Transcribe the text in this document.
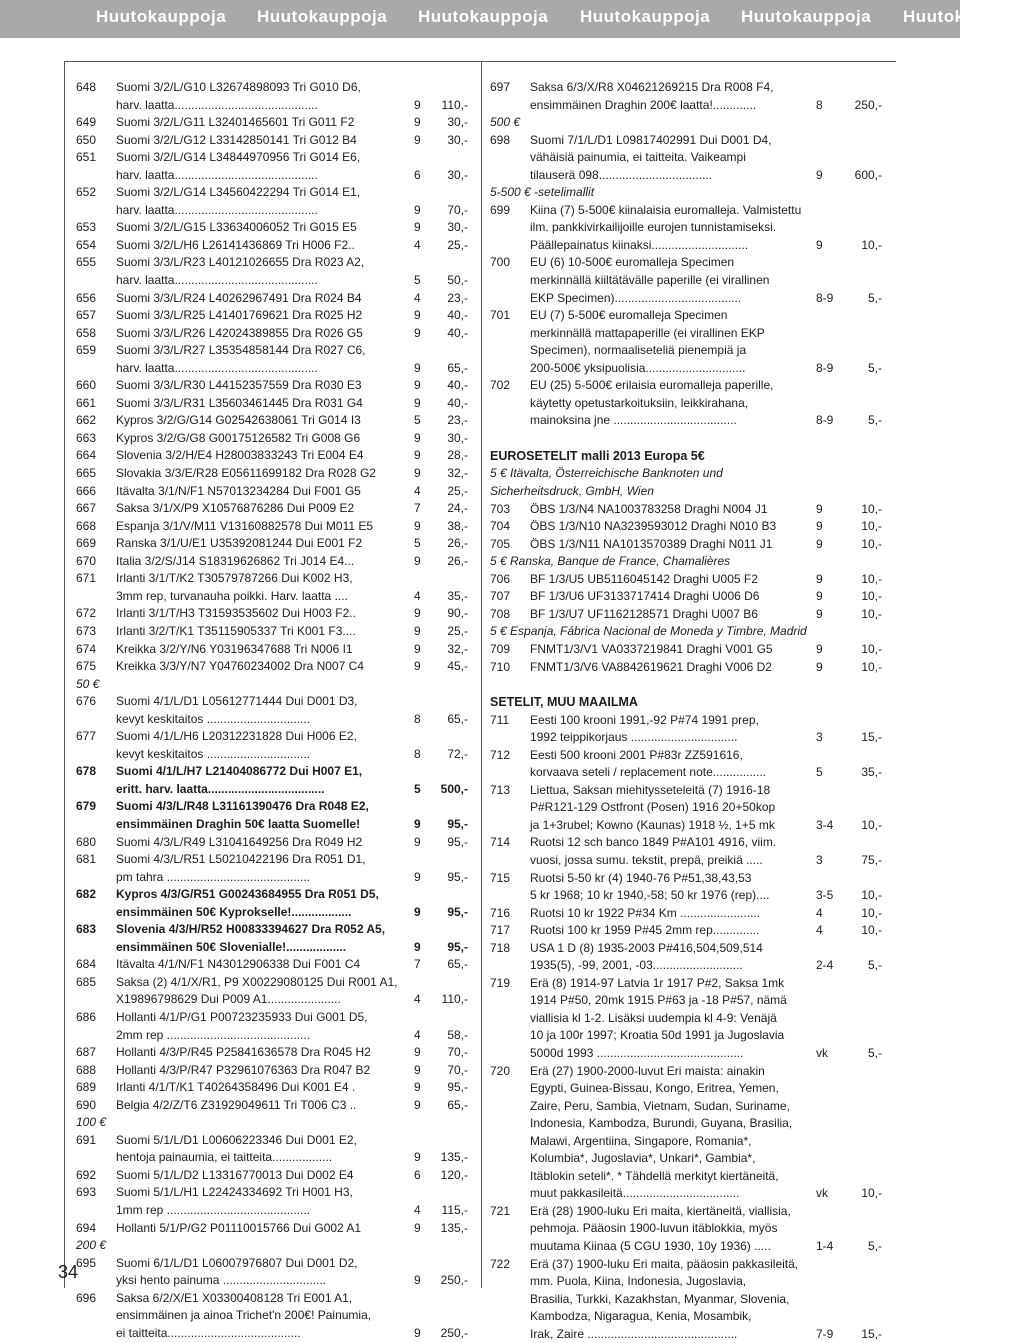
Huutokauppoja Huutokauppoja Huutokauppoja Huutokauppoja Huutokauppoja Huutokauppoja
648 Suomi 3/2/L/G10 L32674898093 Tri G010 D6,
harv. laatta...........................................	9 110,-
649 Suomi 3/2/L/G11 L32401465601 Tri G011 F2	9 30,-
650 Suomi 3/2/L/G12 L33142850141 Tri G012 B4	9 30,-
651 Suomi 3/2/L/G14 L34844970956 Tri G014 E6,
harv. laatta...........................................	6 30,-
652 Suomi 3/2/L/G14 L34560422294 Tri G014 E1,
harv. laatta...........................................	9 70,-
653 Suomi 3/2/L/G15 L33634006052 Tri G015 E5	9 30,-
654 Suomi 3/2/L/H6 L26141436869 Tri H006 F2..	4 25,-
655 Suomi 3/3/L/R23 L40121026655 Dra R023 A2,
harv. laatta...........................................	5 50,-
656 Suomi 3/3/L/R24 L40262967491 Dra R024 B4	4 23,-
657 Suomi 3/3/L/R25 L41401769621 Dra R025 H2	9 40,-
658 Suomi 3/3/L/R26 L42024389855 Dra R026 G5	9 40,-
659 Suomi 3/3/L/R27 L35354858144 Dra R027 C6,
harv. laatta...........................................	9 65,-
660 Suomi 3/3/L/R30 L44152357559 Dra R030 E3	9 40,-
661 Suomi 3/3/L/R31 L35603461445 Dra R031 G4	9 40,-
662 Kypros 3/2/G/G14 G02542638061 Tri G014 I3	5 23,-
663 Kypros 3/2/G/G8 G00175126582 Tri G008 G6	9 30,-
664 Slovenia 3/2/H/E4 H28003833243 Tri E004 E4	9 28,-
665 Slovakia 3/3/E/R28 E05611699182 Dra R028 G2	9 32,-
666 Itävalta 3/1/N/F1 N57013234284 Dui F001 G5	4 25,-
667 Saksa 3/1/X/P9 X10576876286 Dui P009 E2	7 24,-
668 Espanja 3/1/V/M11 V13160882578 Dui M011 E5	9 38,-
669 Ranska 3/1/U/E1 U35392081244 Dui E001 F2	5 26,-
670 Italia 3/2/S/J14 S18319626862 Tri J014 E4...	9 26,-
671 Irlanti 3/1/T/K2 T30579787266 Dui K002 H3,
3mm rep, turvanauha poikki. Harv. laatta ....	4 35,-
672 Irlanti 3/1/T/H3 T31593535602 Dui H003 F2..	9 90,-
673 Irlanti 3/2/T/K1 T35115905337 Tri K001 F3....	9 25,-
674 Kreikka 3/2/Y/N6 Y03196347688 Tri N006 I1	9 32,-
675 Kreikka 3/3/Y/N7 Y04760234002 Dra N007 C4	9 45,-
50 €
676 Suomi 4/1/L/D1 L05612771444 Dui D001 D3,
kevyt keskitaitos ...............................	8 65,-
677 Suomi 4/1/L/H6 L20312231828 Dui H006 E2,
kevyt keskitaitos ...............................	8 72,-
678 Suomi 4/1/L/H7 L21404086772 Dui H007 E1,
eritt. harv. laatta...................................	5 500,-
679 Suomi 4/3/L/R48 L31161390476 Dra R048 E2,
ensimmäinen Draghin 50€ laatta Suomelle!	9 95,-
680 Suomi 4/3/L/R49 L31041649256 Dra R049 H2	9 95,-
681 Suomi 4/3/L/R51 L50210422196 Dra R051 D1,
pm tahra ...........................................	9 95,-
682 Kypros 4/3/G/R51 G00243684955 Dra R051 D5,
ensimmäinen 50€ Kyprokselle!..................	9 95,-
683 Slovenia 4/3/H/R52 H00833394627 Dra R052 A5,
ensimmäinen 50€ Slovenialle!..................	9 95,-
684 Itävalta 4/1/N/F1 N43012906338 Dui F001 C4	7 65,-
685 Saksa (2) 4/1/X/R1, P9 X00229080125 Dui R001 A1,
X19896798629 Dui P009 A1......................	4 110,-
686 Hollanti 4/1/P/G1 P00723235933 Dui G001 D5,
2mm rep ...........................................	4 58,-
687 Hollanti 4/3/P/R45 P25841636578 Dra R045 H2	9 70,-
688 Hollanti 4/3/P/R47 P32961076363 Dra R047 B2	9 70,-
689 Irlanti 4/1/T/K1 T40264358496 Dui K001 E4 .	9 95,-
690 Belgia 4/2/Z/T6 Z31929049611 Tri T006 C3 ..	9 65,-
100 €
691 Suomi 5/1/L/D1 L00606223346 Dui D001 E2,
hentoja painaumia, ei taitteita..................	9 135,-
692 Suomi 5/1/L/D2 L13316770013 Dui D002 E4	6 120,-
693 Suomi 5/1/L/H1 L22424334692 Tri H001 H3,
1mm rep ...........................................	4 115,-
694 Hollanti 5/1/P/G2 P01110015766 Dui G002 A1	9 135,-
200 €
695 Suomi 6/1/L/D1 L06007976807 Dui D001 D2,
yksi hento painuma ...............................	9 250,-
696 Saksa 6/2/X/E1 X03300408128 Tri E001 A1,
ensimmäinen ja ainoa Trichet'n 200€! Painumia,
ei taitteita........................................	9 250,-
697 Saksa 6/3/X/R8 X04621269215 Dra R008 F4,
ensimmäinen Draghin 200€ laatta!.............	8	250,-
500 €
698 Suomi 7/1/L/D1 L09817402991 Dui D001 D4,
vähäisiä painumia, ei taitteita. Vaikeampi
tilauserä 098..................................	9	600,-
5-500 € -setelimallit
699 Kiina (7) 5-500€ kiinalaisia euromalleja. Valmistettu
ilm. pankkivirkailijoille eurojen tunnistamiseksi.
Päällepainatus kiinaksi.............................	9	10,-
700 EU (6) 10-500€ euromalleja Specimen
merkinnällä kiiltätävälle paperille (ei virallinen
EKP Specimen)......................................	8-9	5,-
701 EU (7) 5-500€ euromalleja Specimen
merkinnällä mattapaperille (ei virallinen EKP
Specimen), normaaliseteliä pienempiä ja
200-500€ yksipuolisia..............................	8-9	5,-
702 EU (25) 5-500€ erilaisia euromalleja paperille,
käytetty opetustarkoituksiin, leikkirahana,
mainoksina jne .....................................	8-9	5,-
EUROSETELIT malli 2013 Europa 5€
5 € Itävalta, Österreichische Banknoten und
Sicherheitsdruck, GmbH, Wien
703 ÖBS 1/3/N4 NA1003783258 Draghi N004 J1	9	10,-
704 ÖBS 1/3/N10 NA3239593012 Draghi N010 B3	9	10,-
705 ÖBS 1/3/N11 NA1013570389 Draghi N011 J1	9	10,-
5 € Ranska, Banque de France, Chamalières
706 BF 1/3/U5 UB5116045142 Draghi U005 F2	9	10,-
707 BF 1/3/U6 UF3133717414 Draghi U006 D6	9	10,-
708 BF 1/3/U7 UF1162128571 Draghi U007 B6	9	10,-
5 € Espanja, Fábrica Nacional de Moneda y Timbre, Madrid
709 FNMT1/3/V1 VA0337219841 Draghi V001 G5	9	10,-
710 FNMT1/3/V6 VA8842619621 Draghi V006 D2	9	10,-
SETELIT, MUU MAAILMA
711 Eesti 100 krooni 1991,-92 P#74 1991 prep,
1992 teippikorjaus ................................	3	15,-
712 Eesti 500 krooni 2001 P#83r ZZ591616,
korvaava seteli / replacement note................	5	35,-
713 Liettua, Saksan miehitysseteleitä (7) 1916-18
P#R121-129 Ostfront (Posen) 1916 20+50kop
ja 1+3rubel; Kowno (Kaunas) 1918 ½, 1+5 mk	3-4 10,-
714 Ruotsi 12 sch banco 1849 P#A101 4916, viim.
vuosi, jossa sumu. tekstit, prepä, preikiä .....	3	75,-
715 Ruotsi 5-50 kr (4) 1940-76 P#51,38,43,53
5 kr 1968; 10 kr 1940,-58; 50 kr 1976 (rep)....	3-5 10,-
716 Ruotsi 10 kr 1922 P#34 Km ........................	4	10,-
717 Ruotsi 100 kr 1959 P#45 2mm rep..............	4	10,-
718 USA 1 D (8) 1935-2003 P#416,504,509,514
1935(5), -99, 2001, -03...........................	2-4	5,-
719 Erä (8) 1914-97 Latvia 1r 1917 P#2, Saksa 1mk
1914 P#50, 20mk 1915 P#63 ja -18 P#57, nämä
viallisia kl 1-2. Lisäksi uudempia kl 4-9: Venäjä
10 ja 100r 1997; Kroatia 50d 1991 ja Jugoslavia
5000d 1993 ............................................	vk	5,-
720 Erä (27) 1900-2000-luvut Eri maista: ainakin
Egypti, Guinea-Bissau, Kongo, Eritrea, Yemen,
Zaire, Peru, Sambia, Vietnam, Sudan, Suriname,
Indonesia, Kambodza, Burundi, Guyana, Brasilia,
Malawi, Argentiina, Singapore, Romania*,
Kolumbia*, Jugoslavia*, Unkari*, Gambia*,
Itäblokin seteli*. * Tähdellä merkityt kiertäneitä,
muut pakkasileitä...................................	vk	10,-
721 Erä (28) 1900-luku Eri maita, kiertäneitä, viallisia,
pehmoja. Pääosin 1900-luvun itäblokkia, myös
muutama Kiinaa (5 CGU 1930, 10y 1936) .....	1-4	5,-
722 Erä (37) 1900-luku Eri maita, pääosin pakkasileitä,
mm. Puola, Kiina, Indonesia, Jugoslavia,
Brasilia, Turkki, Kazakhstan, Myanmar, Slovenia,
Kambodza, Nigaragua, Kenia, Mosambik,
Irak, Zaire .............................................	7-9 15,-
34
